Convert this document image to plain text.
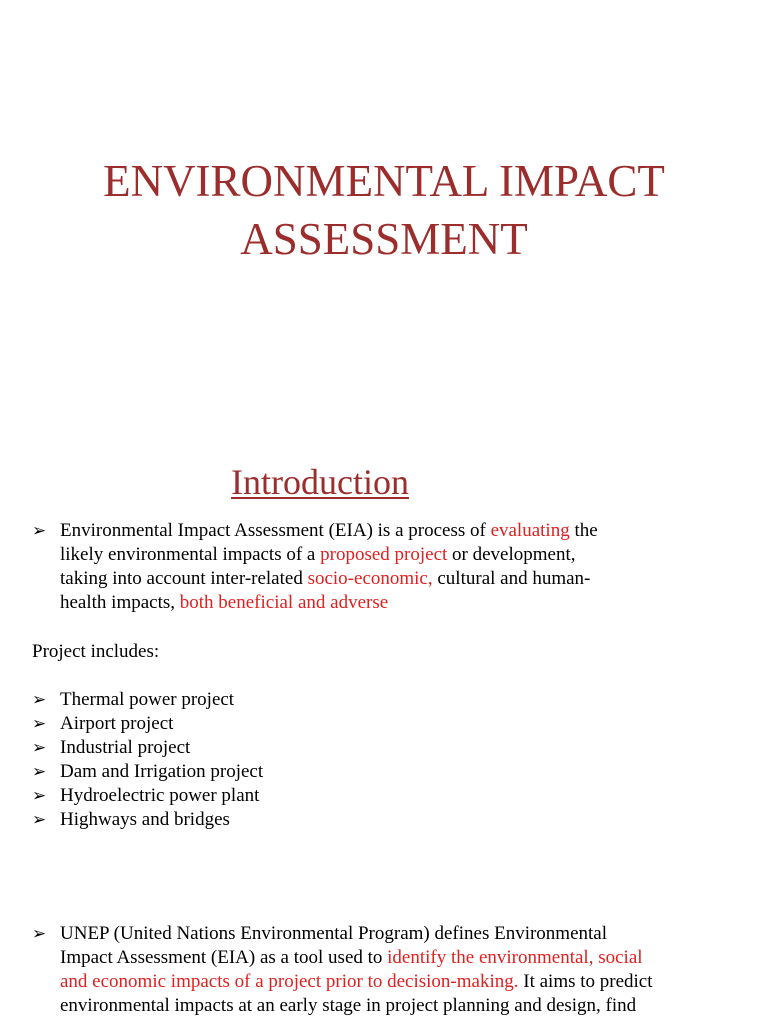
ENVIRONMENTAL IMPACT
ASSESSMENT
Introduction
➢ Environmental Impact Assessment (EIA) is a process of evaluating the

likely environmental impacts of a proposed project or development,

taking into account inter-related socio-economic, cultural and human-

health impacts, both beneficial and adverse

Project includes:

➢ Thermal power project
➢ Airport project
➢ Industrial project
➢ Dam and Irrigation project
➢ Hydroelectric power plant
➢ Highways and bridges
➢ UNEP (United Nations Environmental Program) defines Environmental

Impact Assessment (EIA) as a tool used to identify the environmental, social

and economic impacts of a project prior to decision-making. It aims to predict

environmental impacts at an early stage in project planning and design, find
